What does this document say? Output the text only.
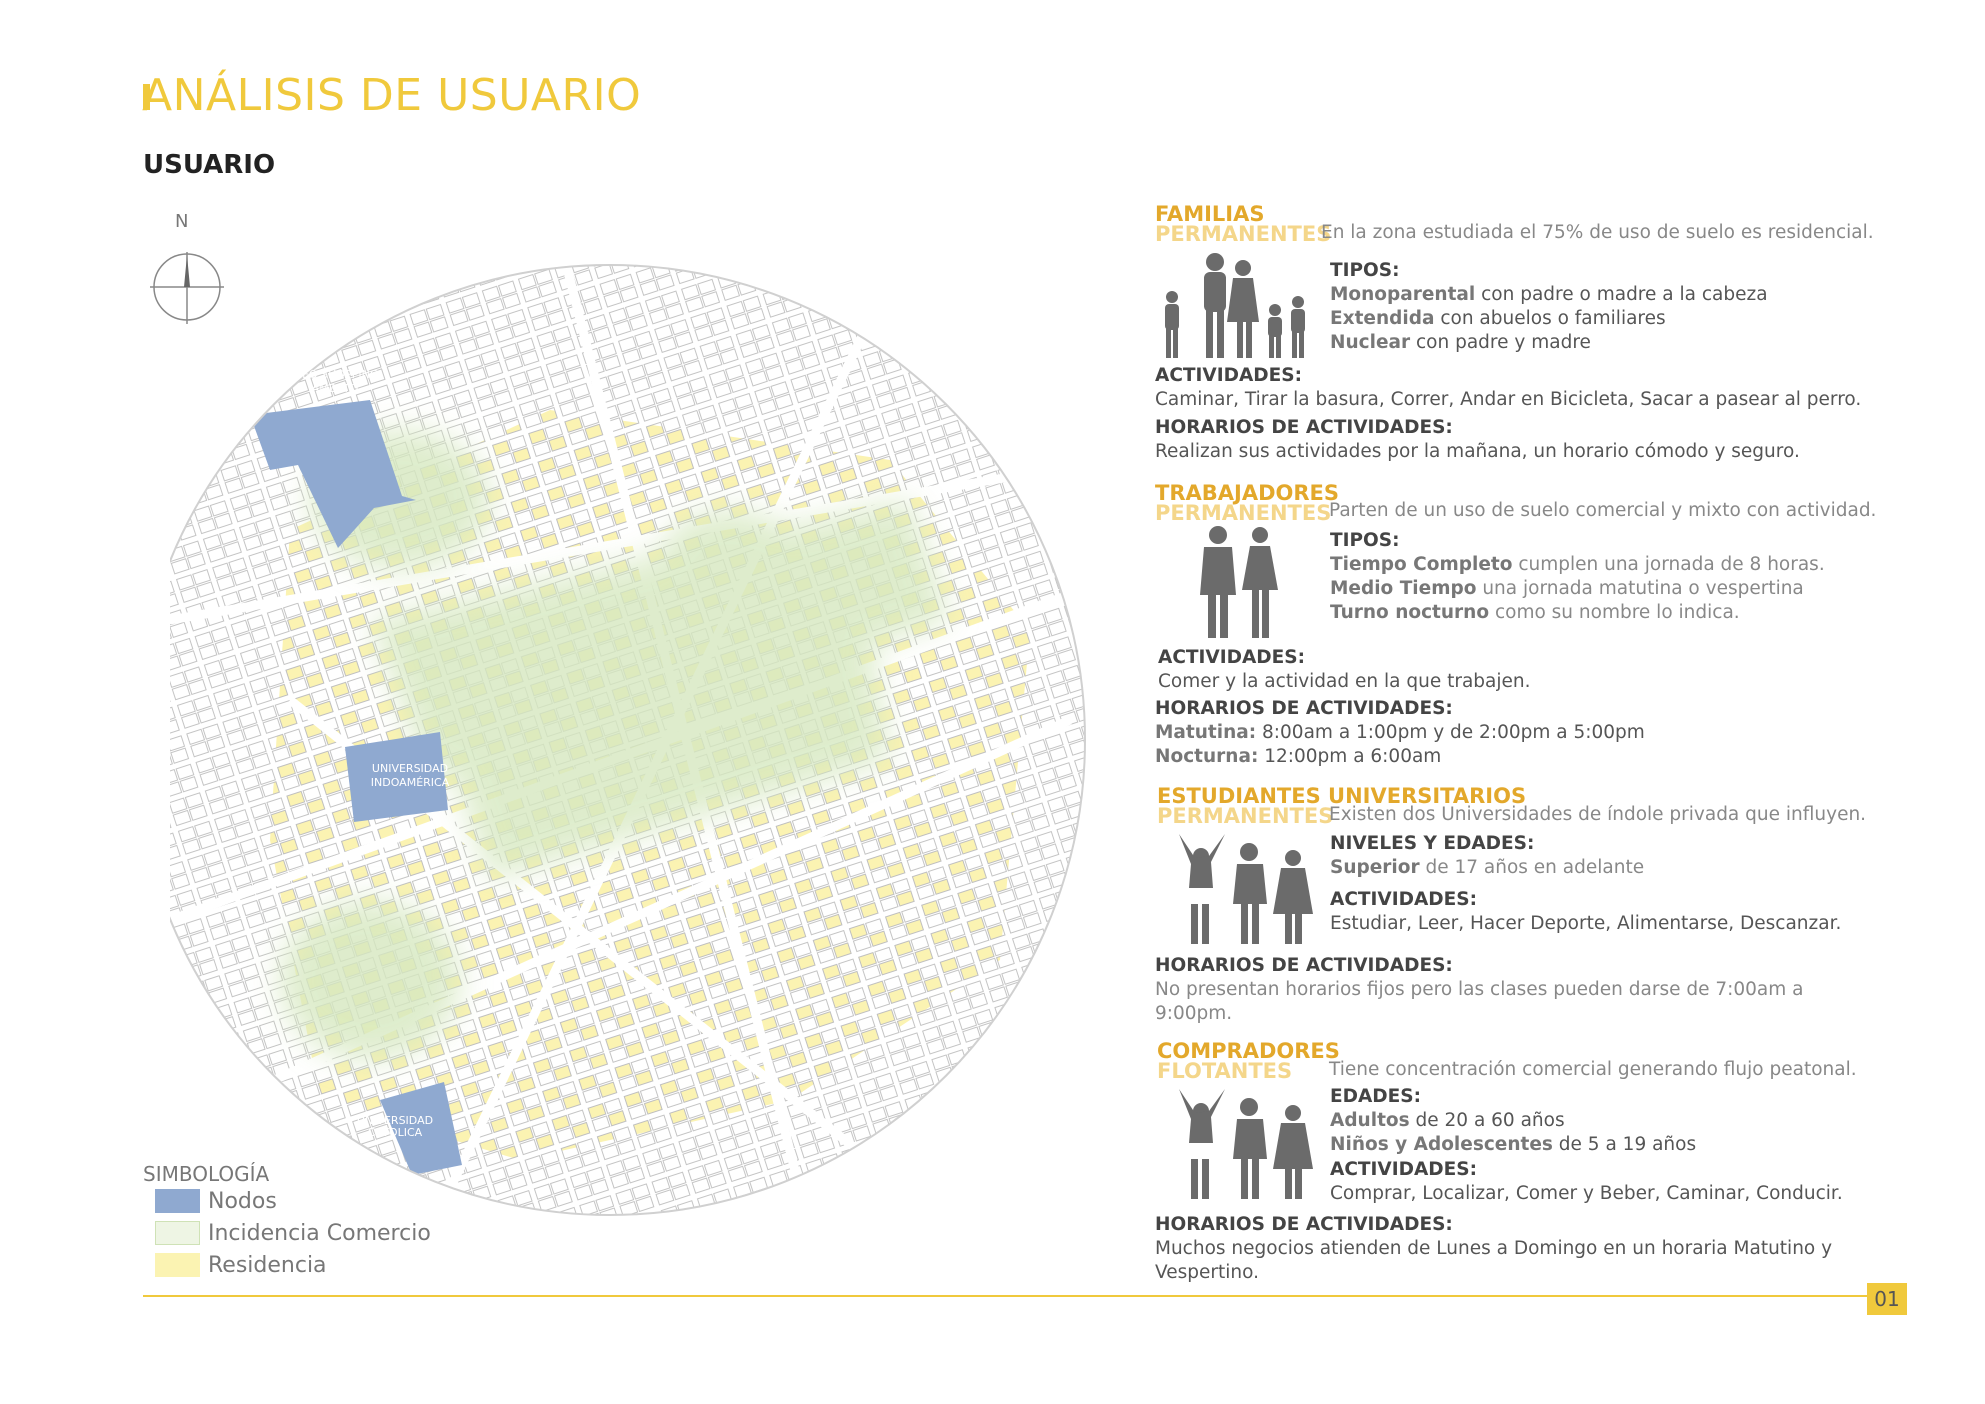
ANÁLISIS DE USUARIO
USUARIO
N
PASEO SHOPPING
AMBATO
UNIVERSIDAD
INDOAMÉRICA
UNIVERSIDAD
CATOLICA
SIMBOLOGÍA
Nodos
Incidencia Comercio
Residencia
FAMILIAS
PERMANENTES
En la zona estudiada el 75% de uso de suelo es residencial.
TIPOS:
Monoparental con padre o madre a la cabeza
Extendida con abuelos o familiares
Nuclear con padre y madre
ACTIVIDADES:
Caminar, Tirar la basura, Correr, Andar en Bicicleta, Sacar a pasear al perro.
HORARIOS DE ACTIVIDADES:
Realizan sus actividades por la mañana, un horario cómodo y seguro.
TRABAJADORES
PERMANENTES
Parten de un uso de suelo comercial y mixto con actividad.
TIPOS:
Tiempo Completo cumplen una jornada de 8 horas.
Medio Tiempo una jornada matutina o vespertina
Turno nocturno como su nombre lo indica.
ACTIVIDADES:
Comer y la actividad en la que trabajen.
HORARIOS DE ACTIVIDADES:
Matutina: 8:00am a 1:00pm y de 2:00pm a 5:00pm
Nocturna: 12:00pm a 6:00am
ESTUDIANTES UNIVERSITARIOS
PERMANENTES
Existen dos Universidades de índole privada que influyen.
NIVELES Y EDADES:
Superior de 17 años en adelante
ACTIVIDADES:
Estudiar, Leer, Hacer Deporte, Alimentarse, Descanzar.
HORARIOS DE ACTIVIDADES:
No presentan horarios fijos pero las clases pueden darse de 7:00am a
9:00pm.
COMPRADORES
FLOTANTES Tiene concentración comercial generando flujo peatonal.
EDADES:
Adultos de 20 a 60 años
Niños y Adolescentes de 5 a 19 años
ACTIVIDADES:
Comprar, Localizar, Comer y Beber, Caminar, Conducir.
HORARIOS DE ACTIVIDADES:
Muchos negocios atienden de Lunes a Domingo en un horaria Matutino y
Vespertino.
01
